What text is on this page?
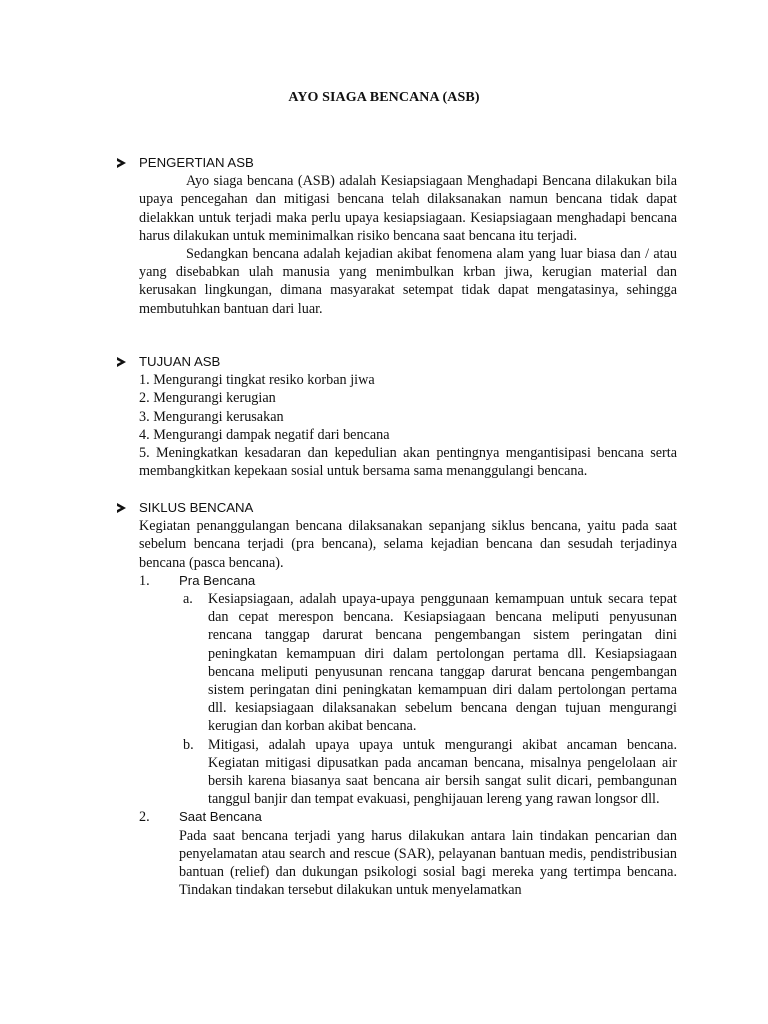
AYO SIAGA BENCANA (ASB)
PENGERTIAN ASB
Ayo siaga bencana (ASB) adalah Kesiapsiagaan Menghadapi Bencana dilakukan bila upaya pencegahan dan mitigasi bencana telah dilaksanakan namun bencana tidak dapat dielakkan untuk terjadi maka perlu upaya kesiapsiagaan. Kesiapsiagaan menghadapi bencana harus dilakukan untuk meminimalkan risiko bencana saat bencana itu terjadi.
Sedangkan bencana adalah kejadian akibat fenomena alam yang luar biasa dan / atau yang disebabkan ulah manusia yang menimbulkan krban jiwa, kerugian material dan kerusakan lingkungan, dimana masyarakat setempat tidak dapat mengatasinya, sehingga membutuhkan bantuan dari luar.
TUJUAN ASB
1. Mengurangi tingkat resiko korban jiwa
2. Mengurangi kerugian
3. Mengurangi kerusakan
4. Mengurangi dampak negatif dari bencana
5. Meningkatkan kesadaran dan kepedulian akan pentingnya mengantisipasi bencana serta membangkitkan kepekaan sosial untuk bersama sama menanggulangi bencana.
SIKLUS BENCANA
Kegiatan penanggulangan bencana dilaksanakan sepanjang siklus bencana, yaitu pada saat sebelum bencana terjadi (pra bencana), selama kejadian bencana dan sesudah terjadinya bencana (pasca bencana).
1. Pra Bencana
a. Kesiapsiagaan, adalah upaya-upaya penggunaan kemampuan untuk secara tepat dan cepat merespon bencana. Kesiapsiagaan bencana meliputi penyusunan rencana tanggap darurat bencana pengembangan sistem peringatan dini peningkatan kemampuan diri dalam pertolongan pertama dll. Kesiapsiagaan bencana meliputi penyusunan rencana tanggap darurat bencana pengembangan sistem peringatan dini peningkatan kemampuan diri dalam pertolongan pertama dll. kesiapsiagaan dilaksanakan sebelum bencana dengan tujuan mengurangi kerugian dan korban akibat bencana.
b. Mitigasi, adalah upaya upaya untuk mengurangi akibat ancaman bencana. Kegiatan mitigasi dipusatkan pada ancaman bencana, misalnya pengelolaan air bersih karena biasanya saat bencana air bersih sangat sulit dicari, pembangunan tanggul banjir dan tempat evakuasi, penghijauan lereng yang rawan longsor dll.
2. Saat Bencana
Pada saat bencana terjadi yang harus dilakukan antara lain tindakan pencarian dan penyelamatan atau search and rescue (SAR), pelayanan bantuan medis, pendistribusian bantuan (relief) dan dukungan psikologi sosial bagi mereka yang tertimpa bencana. Tindakan tindakan tersebut dilakukan untuk menyelamatkan
